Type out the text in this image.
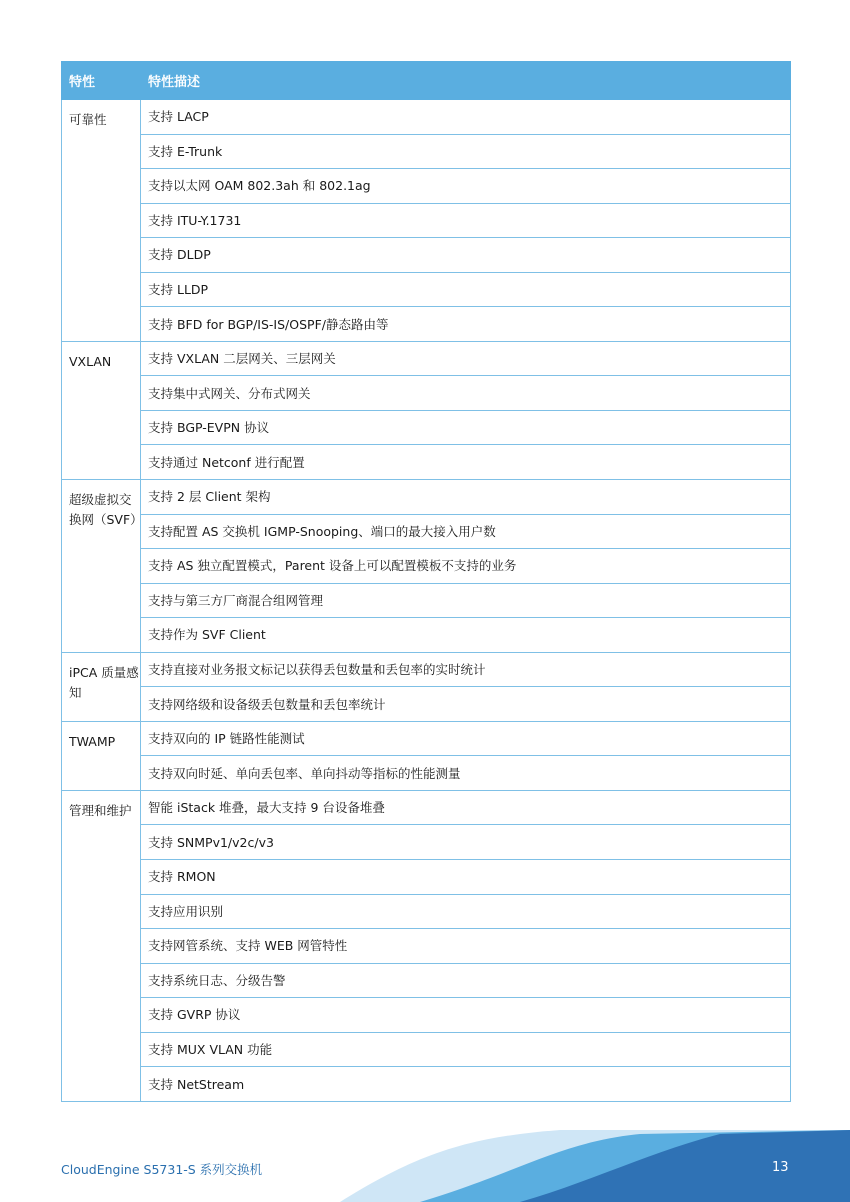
特性	特性描述
可靠性	支持 LACP
	支持 E-Trunk
	支持以太网 OAM 802.3ah 和 802.1ag
	支持 ITU-Y.1731
	支持 DLDP
	支持 LLDP
	支持 BFD for BGP/IS-IS/OSPF/静态路由等
VXLAN	支持 VXLAN 二层网关、三层网关
	支持集中式网关、分布式网关
	支持 BGP-EVPN 协议
	支持通过 Netconf 进行配置
超级虚拟交换网（SVF）	支持 2 层 Client 架构
	支持配置 AS 交换机 IGMP-Snooping、端口的最大接入用户数
	支持 AS 独立配置模式，Parent 设备上可以配置模板不支持的业务
	支持与第三方厂商混合组网管理
	支持作为 SVF Client
iPCA 质量感知	支持直接对业务报文标记以获得丢包数量和丢包率的实时统计
	支持网络级和设备级丢包数量和丢包率统计
TWAMP	支持双向的 IP 链路性能测试
	支持双向时延、单向丢包率、单向抖动等指标的性能测量
管理和维护	智能 iStack 堆叠，最大支持 9 台设备堆叠
	支持 SNMPv1/v2c/v3
	支持 RMON
	支持应用识别
	支持网管系统、支持 WEB 网管特性
	支持系统日志、分级告警
	支持 GVRP 协议
	支持 MUX VLAN 功能
	支持 NetStream
CloudEngine S5731-S 系列交换机	13
